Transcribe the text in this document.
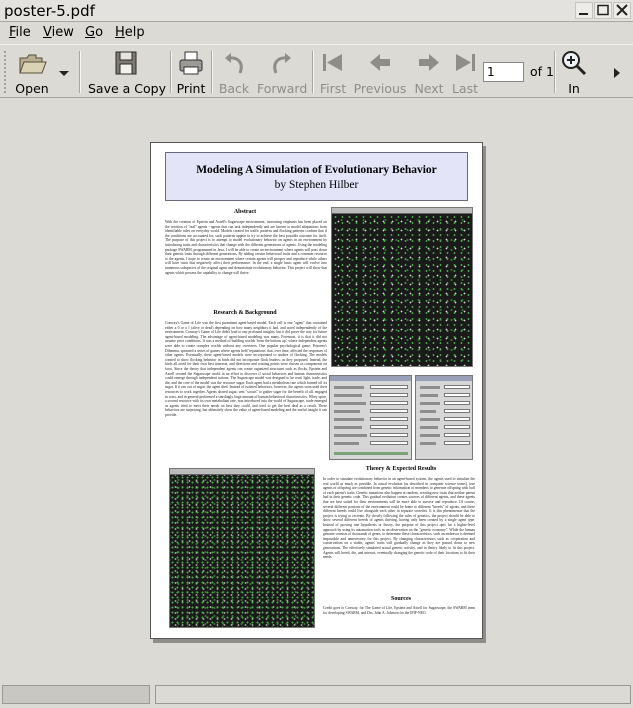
poster-5.pdf
File View Go Help
Open	Save a Copy Print Back Forward First Previous Next Last	In
1
of 1
Modeling A Simulation of Evolutionary Behavior
by Stephen Hilber
Abstract
With the creation of Epstein and Axtell's Sugarscape environment, increasing emphasis has been placed on the creation of "real" agents - agents that can task independently and are known to model adaptations from identifiable rules on everyday world. Models created for traffic patterns and flocking patterns confirm that if the conditions are accounted for, such patterns appear to try to achieve the best possible outcome for itself. The purpose of this project is to attempt to model evolutionary behavior on agents in an environment by introducing traits and characteristics that change with the different generations of agents. Using the modeling package SWARM, programmed in Java, I will be able to create an environment where agents will pass down their genetic traits through different generations. By adding certain behavioral traits and a common resource to the agents, I hope to create an environment where certain agents will prosper and reproduce while others will have traits that negatively affect their performance. In the end, a single basic agent will evolve into numerous subspecies of the original agent and demonstrate evolutionary behavior. This project will show that agents which possess the capability to change will thrive.
Research & Background
Conway's Game of Life was the first prominent agent-based model. Each cell is one "agent" that contained either a 0 or a 1 (alive or dead) depending on how many neighbors it had, and acted independently of the environment. Conway's Game of Life didn't lead to any profound insights, but it did prove the way for future agent-based modeling. The advantage of agent-based modeling was many. Foremost, it is that it did not assume prior conditions. It was a method of building worlds 'from the bottom up', where independent agents were able to create complex worlds without any overseers. One popular psychological game, Prisoner's Dilemma, spawned a series of games where agents held 'reputations' that, over time, affected the responses of other agents. Eventually, these agent-based models were incorporated to studies of flocking. The models created to show flocking behavior in birds did not incorporate flock leaders; as they proposed. Instead, the birds all acted for their own best interests, and directions and rotating points were chosen as components on facts. Since the theory that independent agents can create organized structures such as flocks, Epstein and Axtell created the Sugarscape world in an effort to discover if social behaviors and human characteristics could emerge through independent actions. The Sugarscape model was designed to be read, light, trade, and die, and the core of the model was the resource sugar. Each agent had a metabolism rate which burned off its sugar. If it ran out of sugar, the agent died. Instead of isolated behaviors, however, the agents soon used their resources to work together. Agents shared sugar, sent "scouts" to gather sugar for the benefit of all, engaged in wars, and in general performed a startlingly large amount of human behavioral characteristics. Whey spice, a second resource with its own metabolism rate, was introduced into the world of Sugarscape, trade emerged as agents tried to meet their needs on best they could, and tried to get the best deal as a result. These behaviors are surprising, but ultimately show the value of agent-based modeling and the useful insight it can provide.
Theory & Expected Results
In order to simulate evolutionary behavior in an agent-based system, the agents used to simulate the real world as much as possible. In actual evolution (as described in computer science terms), true agents of offspring are combined from genetic information of members to generate offspring with half of each parent's traits. Genetic mutations also happen at random, creating new traits that neither parent had in their genetic code. This gradual evolution creates sources of different agents, and these agents that are best suited for their environments will be more able to survive and reproduce. Of course, several different portions of the environment could be home to different "breeds" of agents, and these different breeds could live alongside each other in separate societies. It is this phenomenon that the project is trying to recreate. By closely following the rules of genetics, the project should be able to show several different breeds of agents thriving, having only been created by a single agent type. Instead of proving one hypothesis or theory, the purpose of this project opts for a higher-level approach by using its automation tools as an observation on the "genetic economy". While the human genome consists of thousands of genes, to determine these characteristics, such an endeavor is deemed impossible and unnecessary for this project. By changing characteristics such as cooperation and conservatism on a stable, agents' traits will gradually change as they are passed down to new generations. The effectively simulated actual genetic activity, and in theory likely to fit this project. Agents will breed, die, and interact, eventually changing the genetic code of their locations to fit their needs.
Sources
Credit goes to Conway, for The Game of Life, Epstein and Axtell for Sugarscape, the SWARM team for developing SWARM, and Drs. John A. Johnson for the IPIP-NEO.
